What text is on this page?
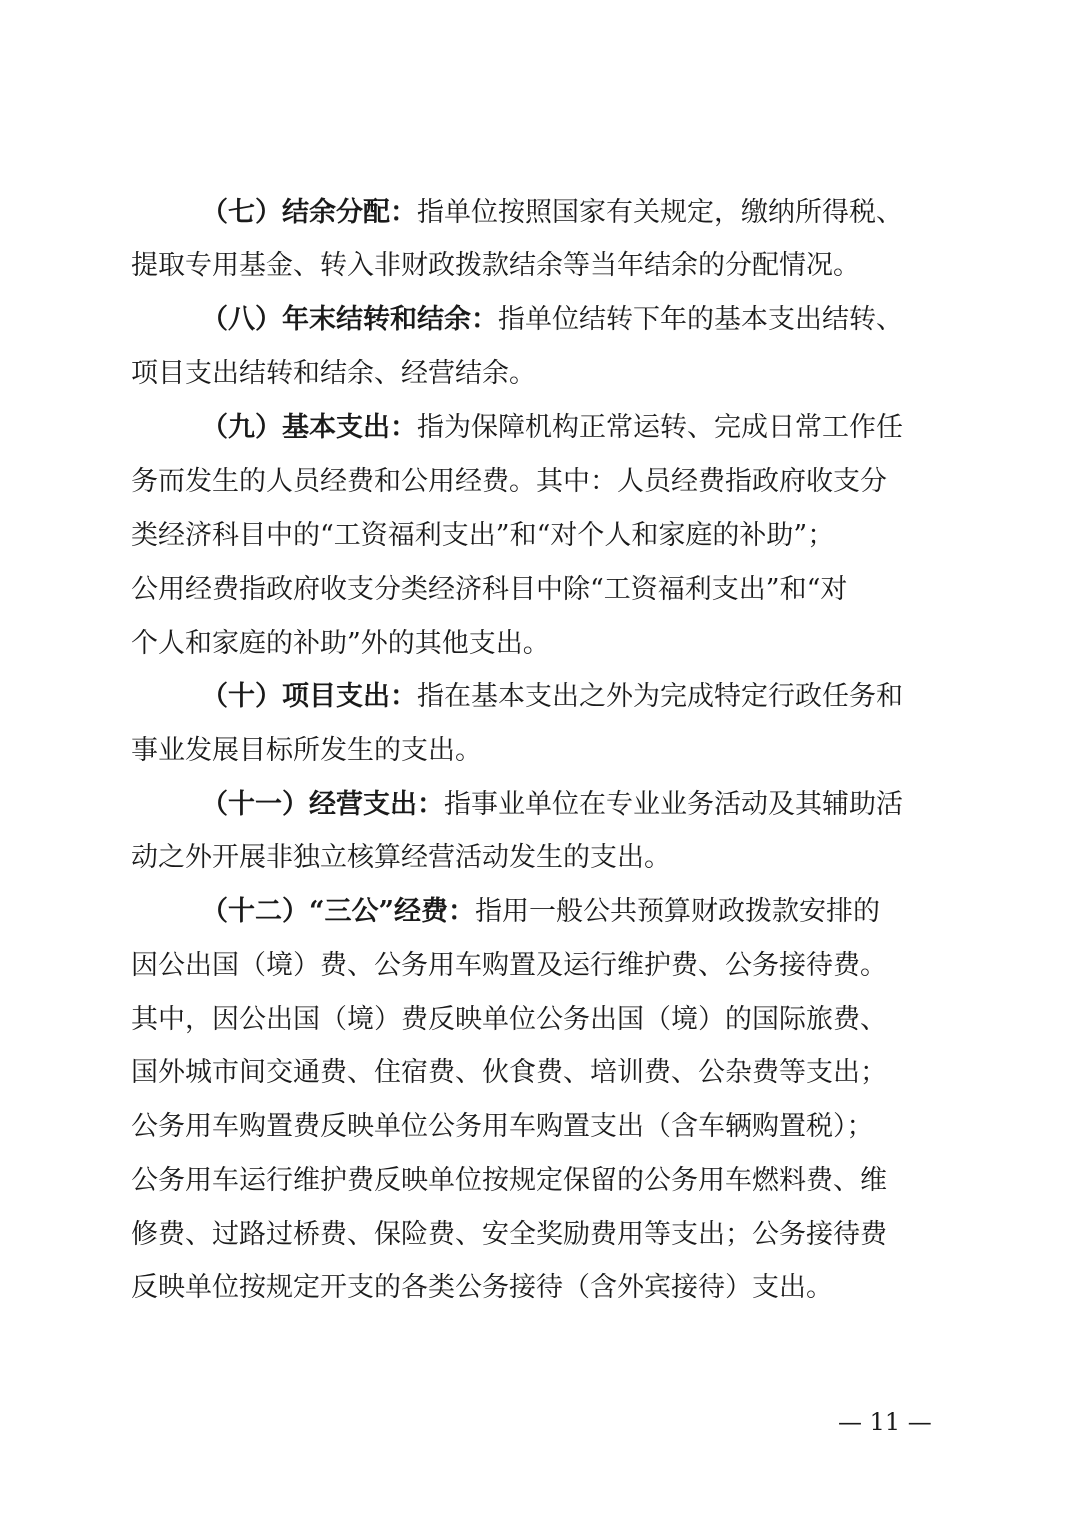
（七）结余分配：指单位按照国家有关规定，缴纳所得税、
提取专用基金、转入非财政拨款结余等当年结余的分配情况。
（八）年末结转和结余：指单位结转下年的基本支出结转、
项目支出结转和结余、经营结余。
（九）基本支出：指为保障机构正常运转、完成日常工作任
务而发生的人员经费和公用经费。其中：人员经费指政府收支分
类经济科目中的“工资福利支出”和“对个人和家庭的补助”；
公用经费指政府收支分类经济科目中除“工资福利支出”和“对
个人和家庭的补助”外的其他支出。
（十）项目支出：指在基本支出之外为完成特定行政任务和
事业发展目标所发生的支出。
（十一）经营支出：指事业单位在专业业务活动及其辅助活
动之外开展非独立核算经营活动发生的支出。
（十二）“三公”经费：指用一般公共预算财政拨款安排的
因公出国（境）费、公务用车购置及运行维护费、公务接待费。
其中，因公出国（境）费反映单位公务出国（境）的国际旅费、
国外城市间交通费、住宿费、伙食费、培训费、公杂费等支出；
公务用车购置费反映单位公务用车购置支出（含车辆购置税）；
公务用车运行维护费反映单位按规定保留的公务用车燃料费、维
修费、过路过桥费、保险费、安全奖励费用等支出；公务接待费
反映单位按规定开支的各类公务接待（含外宾接待）支出。
— 11 —
